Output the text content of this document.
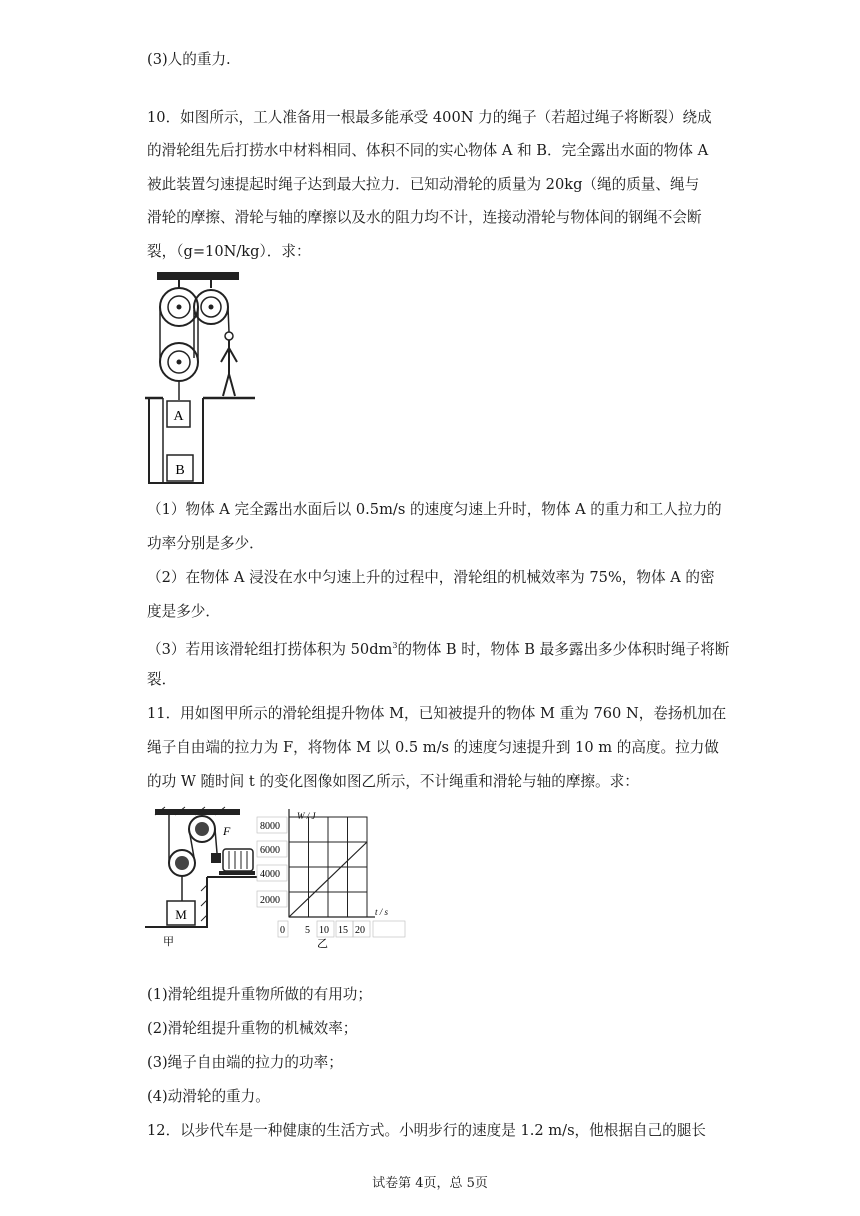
(3)人的重力.
10．如图所示，工人准备用一根最多能承受 400N 力的绳子（若超过绳子将断裂）绕成
的滑轮组先后打捞水中材料相同、体积不同的实心物体 A 和 B．完全露出水面的物体 A
被此装置匀速提起时绳子达到最大拉力．已知动滑轮的质量为 20kg（绳的质量、绳与
滑轮的摩擦、滑轮与轴的摩擦以及水的阻力均不计，连接动滑轮与物体间的钢绳不会断
裂，（g=10N/kg）．求：
A
B
（1）物体 A 完全露出水面后以 0.5m/s 的速度匀速上升时，物体 A 的重力和工人拉力的
功率分别是多少．
（2）在物体 A 浸没在水中匀速上升的过程中，滑轮组的机械效率为 75%，物体 A 的密
度是多少．
（3）若用该滑轮组打捞体积为 $50dm^3$的物体 B 时，物体 B 最多露出多少体积时绳子将断
裂．
11．用如图甲所示的滑轮组提升物体 M，已知被提升的物体 M 重为 760 N，卷扬机加在
绳子自由端的拉力为 F，将物体 M 以 0.5 m/s 的速度匀速提升到 10 m 的高度。拉力做
的功 W 随时间 t 的变化图像如图乙所示，不计绳重和滑轮与轴的摩擦。求：
M
F
甲
W / J
t / s
8000
6000
4000
2000
0 5 10 15 20
乙
(1)滑轮组提升重物所做的有用功；
(2)滑轮组提升重物的机械效率；
(3)绳子自由端的拉力的功率；
(4)动滑轮的重力。
12．以步代车是一种健康的生活方式。小明步行的速度是 1.2 m/s，他根据自己的腿长
试卷第 4页，总 5页
